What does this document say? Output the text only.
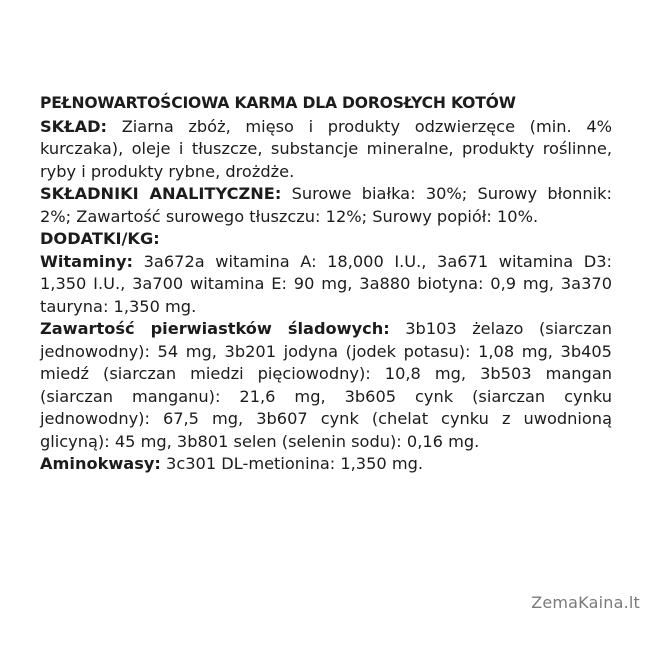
PEŁNOWARTOŚCIOWA KARMA DLA DOROSŁYCH KOTÓW

SKŁAD: Ziarna zbóż, mięso i produkty odzwierzęce (min. 4% kurczaka), oleje i tłuszcze, substancje mineralne, produkty roślinne, ryby i produkty rybne, drożdże.

SKŁADNIKI ANALITYCZNE: Surowe białka: 30%; Surowy błonnik: 2%; Zawartość surowego tłuszczu: 12%; Surowy popiół: 10%.

DODATKI/KG:

Witaminy: 3a672a witamina A: 18,000 I.U., 3a671 witamina D3: 1,350 I.U., 3a700 witamina E: 90 mg, 3a880 biotyna: 0,9 mg, 3a370 tauryna: 1,350 mg.

Zawartość pierwiastków śladowych: 3b103 żelazo (siarczan jednowodny): 54 mg, 3b201 jodyna (jodek potasu): 1,08 mg, 3b405 miedź (siarczan miedzi pięciowodny): 10,8 mg, 3b503 mangan (siarczan manganu): 21,6 mg, 3b605 cynk (siarczan cynku jednowodny): 67,5 mg, 3b607 cynk (chelat cynku z uwodnioną glicyną): 45 mg, 3b801 selen (selenin sodu): 0,16 mg.

Aminokwasy: 3c301 DL-metionina: 1,350 mg.

ZemaKaina.lt
